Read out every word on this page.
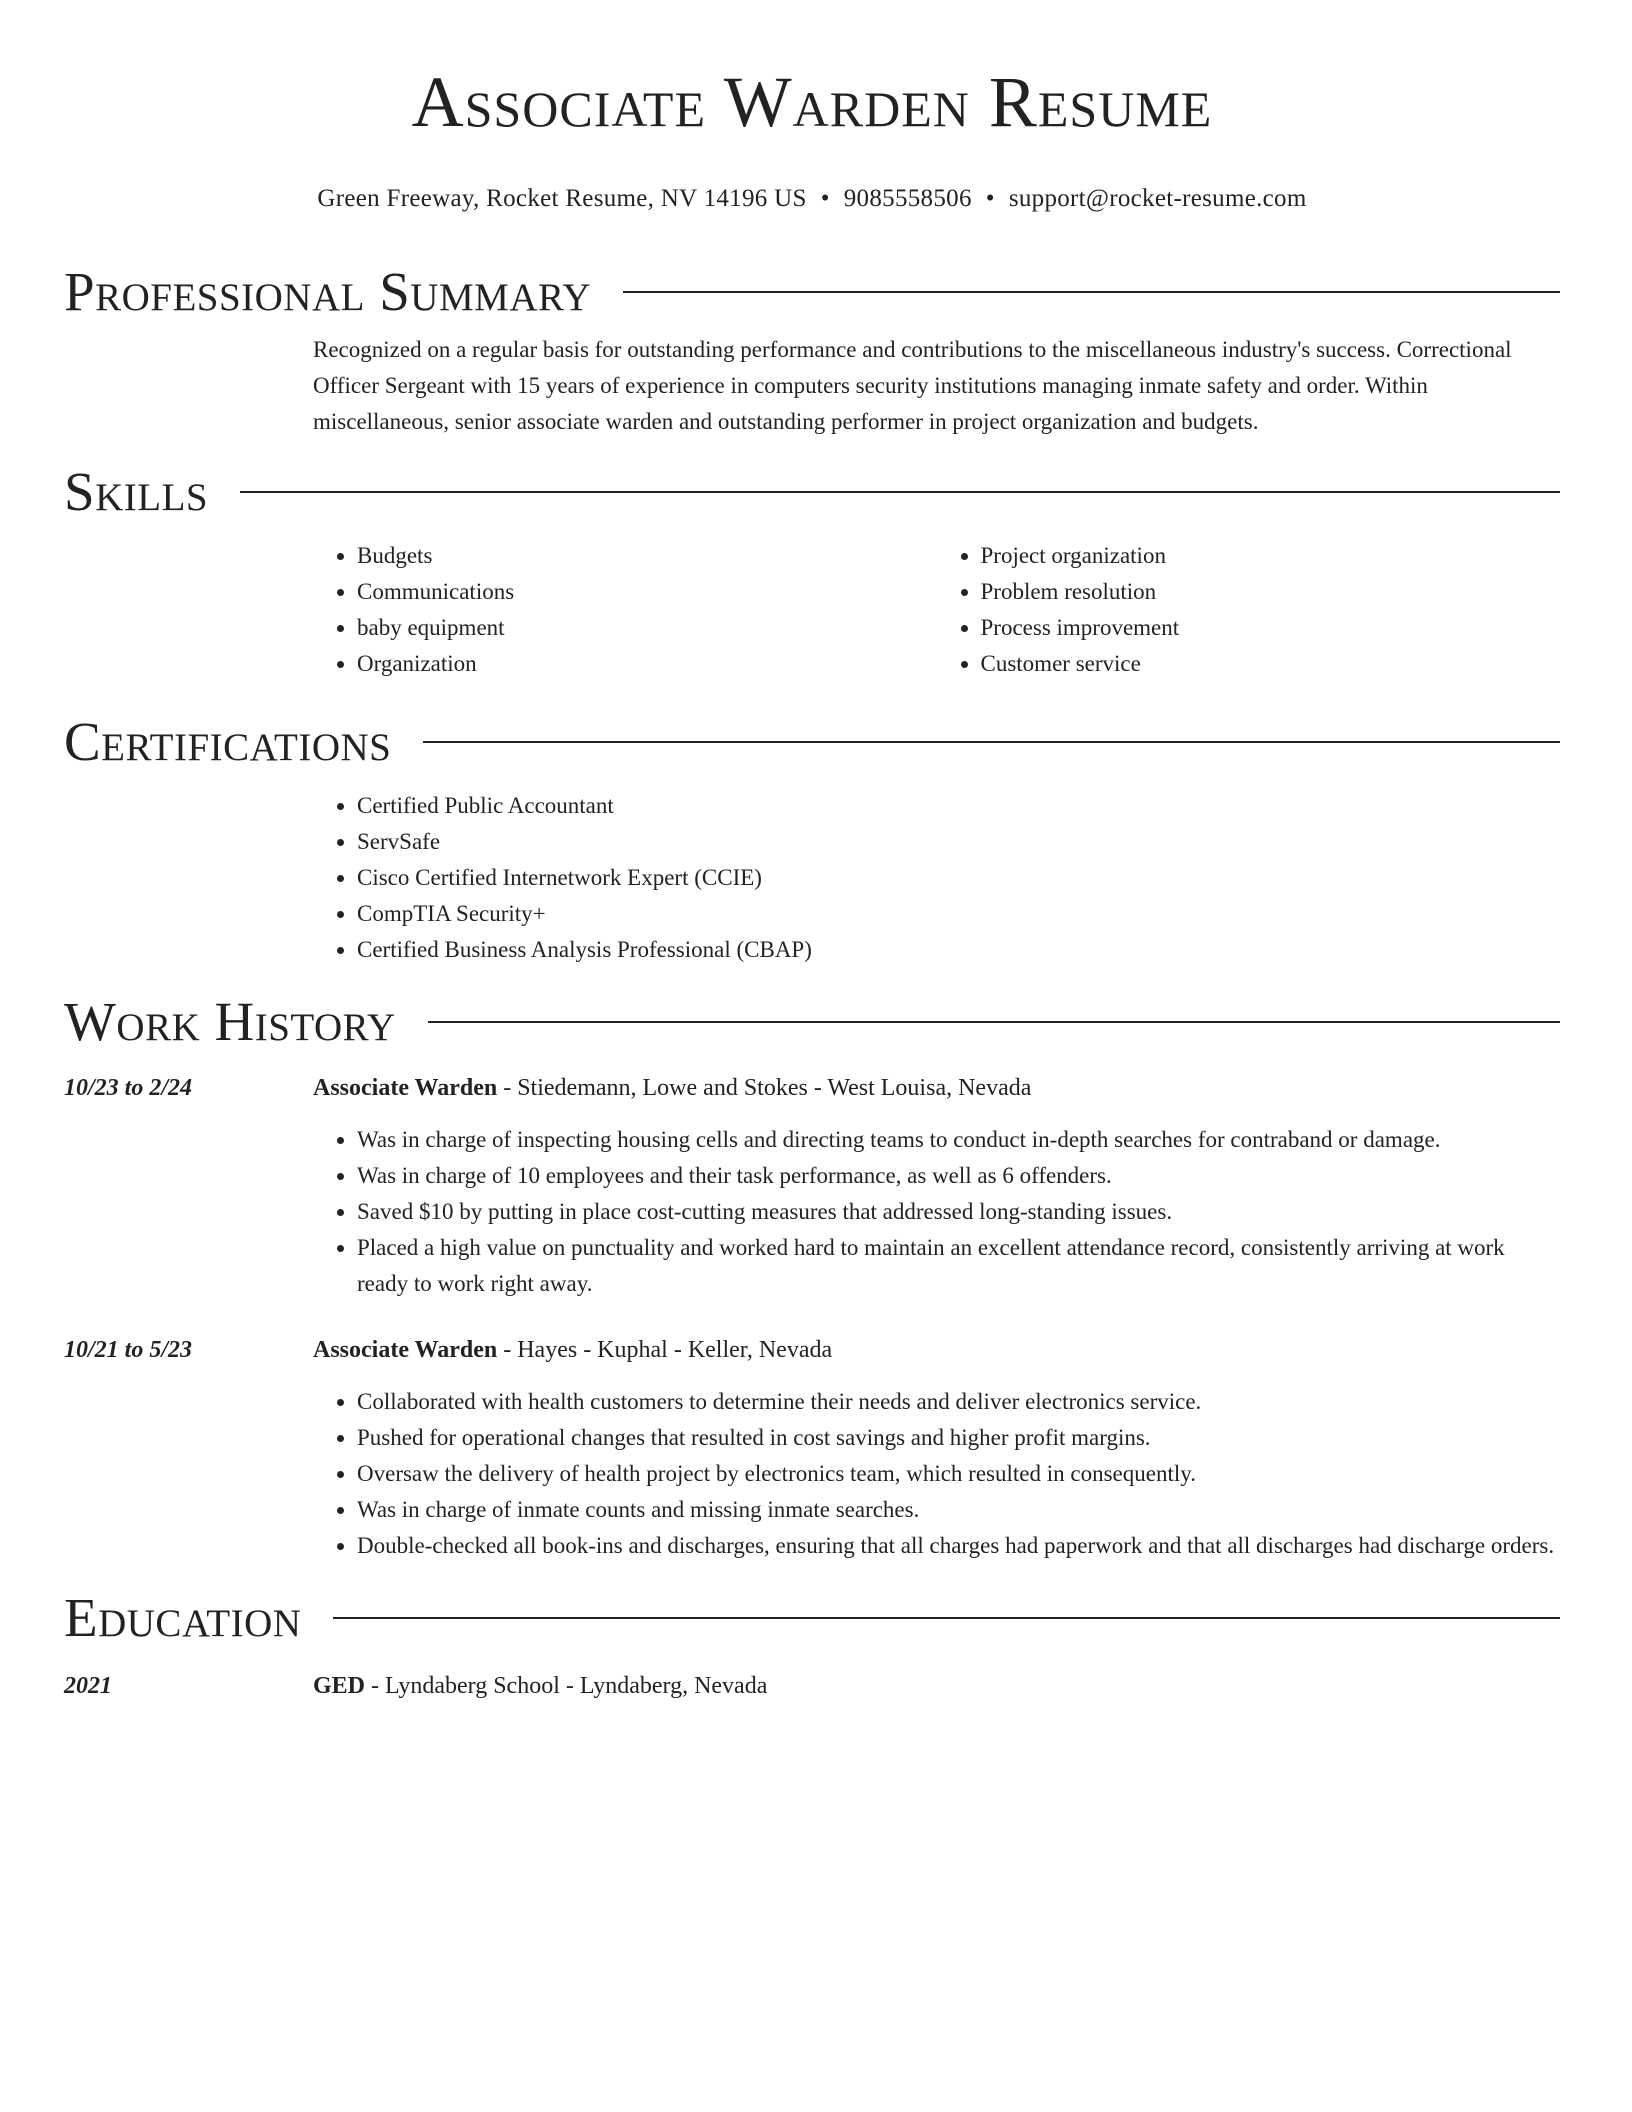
Associate Warden Resume
Green Freeway, Rocket Resume, NV 14196 US • 9085558506 • support@rocket-resume.com
Professional Summary

Recognized on a regular basis for outstanding performance and contributions to the miscellaneous industry's success. Correctional Officer Sergeant with 15 years of experience in computers security institutions managing inmate safety and order. Within miscellaneous, senior associate warden and outstanding performer in project organization and budgets.

Skills
• Budgets
• Communications
• baby equipment
• Organization
• Project organization
• Problem resolution
• Process improvement
• Customer service
Certifications
• Certified Public Accountant
• ServSafe
• Cisco Certified Internetwork Expert (CCIE)
• CompTIA Security+
• Certified Business Analysis Professional (CBAP)
Work History
10/23 to 2/24	Associate Warden - Stiedemann, Lowe and Stokes - West Louisa, Nevada
• Was in charge of inspecting housing cells and directing teams to conduct in-depth searches for contraband or damage.
• Was in charge of 10 employees and their task performance, as well as 6 offenders.
• Saved $10 by putting in place cost-cutting measures that addressed long-standing issues.
• Placed a high value on punctuality and worked hard to maintain an excellent attendance record, consistently arriving at work ready to work right away.
10/21 to 5/23	Associate Warden - Hayes - Kuphal - Keller, Nevada
• Collaborated with health customers to determine their needs and deliver electronics service.
• Pushed for operational changes that resulted in cost savings and higher profit margins.
• Oversaw the delivery of health project by electronics team, which resulted in consequently.
• Was in charge of inmate counts and missing inmate searches.
• Double-checked all book-ins and discharges, ensuring that all charges had paperwork and that all discharges had discharge orders.
Education
2021	GED - Lyndaberg School - Lyndaberg, Nevada
